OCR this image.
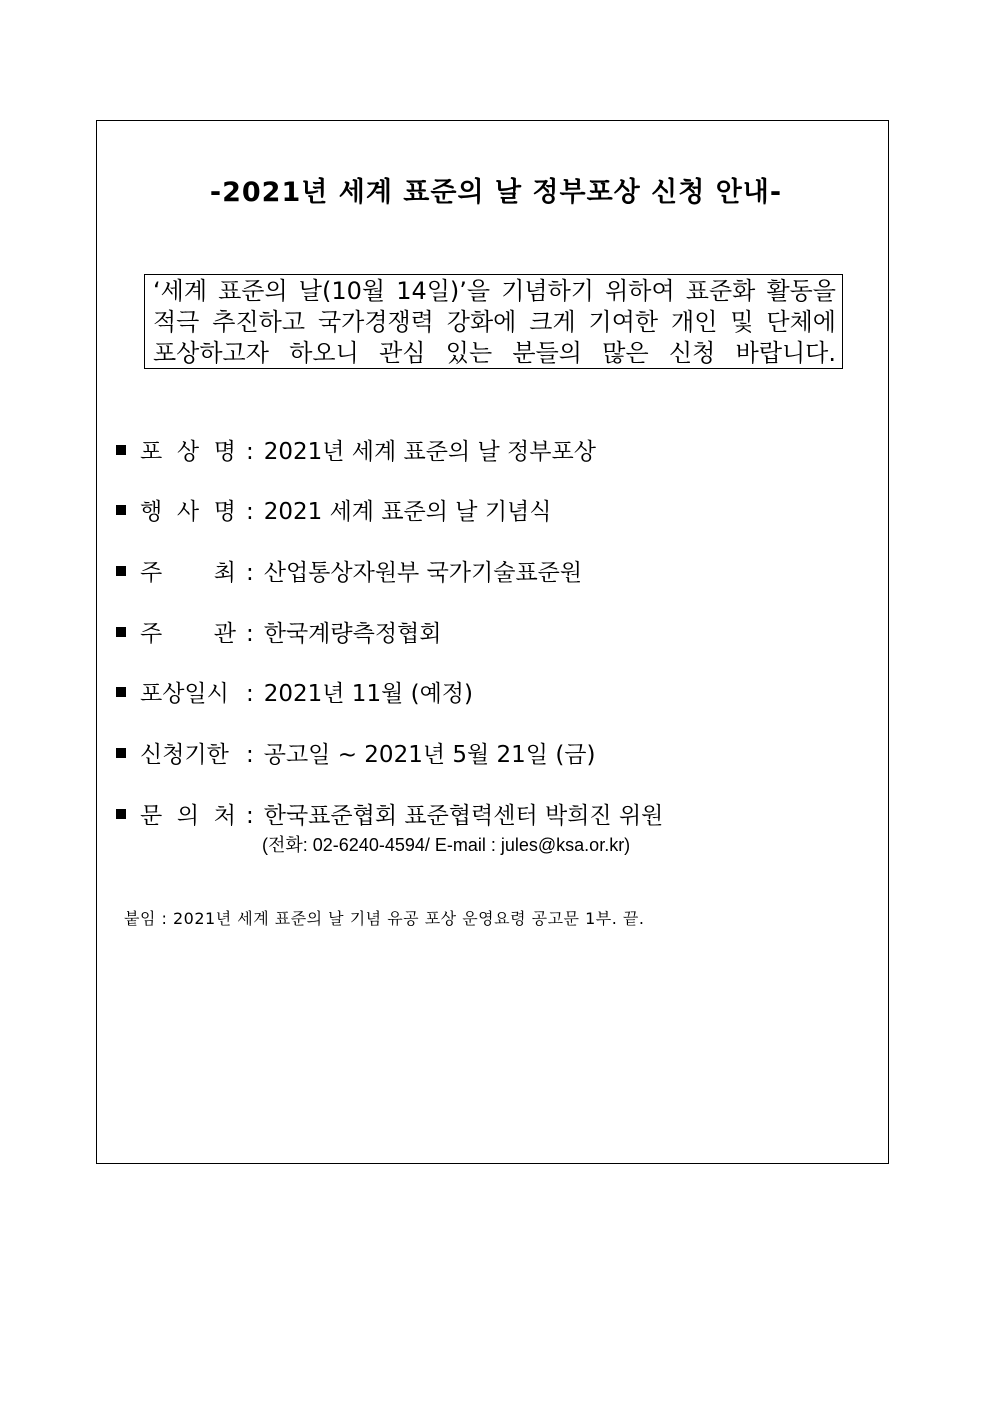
-2021년 세계 표준의 날 정부포상 신청 안내-
‘세계 표준의 날(10월 14일)’을 기념하기 위하여 표준화 활동을
적극 추진하고 국가경쟁력 강화에 크게 기여한 개인 및 단체에
포상하고자 하오니 관심 있는 분들의 많은 신청 바랍니다.
포 상 명 : 2021년 세계 표준의 날 정부포상
행 사 명 : 2021 세계 표준의 날 기념식
주 최 : 산업통상자원부 국가기술표준원
주 관 : 한국계량측정협회
포상일시 : 2021년 11월 (예정)
신청기한 : 공고일 ~ 2021년 5월 21일 (금)
문 의 처 : 한국표준협회 표준협력센터 박희진 위원
(전화: 02-6240-4594/ E-mail : jules@ksa.or.kr)
붙임 : 2021년 세계 표준의 날 기념 유공 포상 운영요령 공고문 1부. 끝.
